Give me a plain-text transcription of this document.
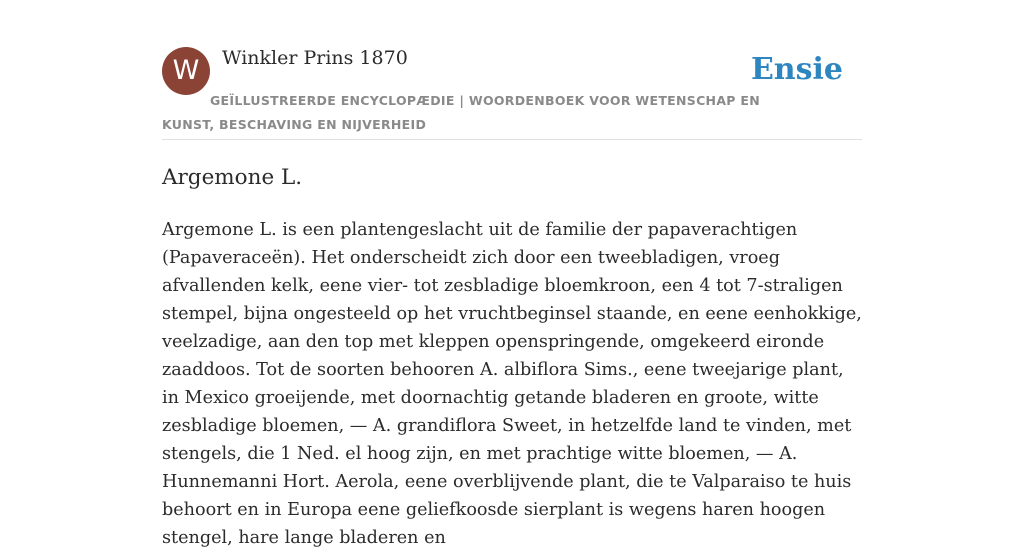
W	Winkler Prins 1870	Ensie
GEÏLLUSTREERDE ENCYCLOPÆDIE | WOORDENBOEK VOOR WETENSCHAP EN KUNST, BESCHAVING EN NIJVERHEID
Argemone L.

Argemone L. is een plantengeslacht uit de familie der papaverachtigen (Papaveraceën). Het onderscheidt zich door een tweebladigen, vroeg afvallenden kelk, eene vier- tot zesbladige bloemkroon, een 4 tot 7-straligen stempel, bijna ongesteeld op het vruchtbeginsel staande, en eene eenhokkige, veelzadige, aan den top met kleppen openspringende, omgekeerd eironde zaaddoos. Tot de soorten behooren A. albiflora Sims., eene tweejarige plant, in Mexico groeijende, met doornachtig getande bladeren en groote, witte zesbladige bloemen, — A. grandiflora Sweet, in hetzelfde land te vinden, met stengels, die 1 Ned. el hoog zijn, en met prachtige witte bloemen, — A. Hunnemanni Hort. Aerola, eene overblijvende plant, die te Valparaiso te huis behoort en in Europa eene geliefkoosde sierplant is wegens haren hoogen stengel, hare lange bladeren en
